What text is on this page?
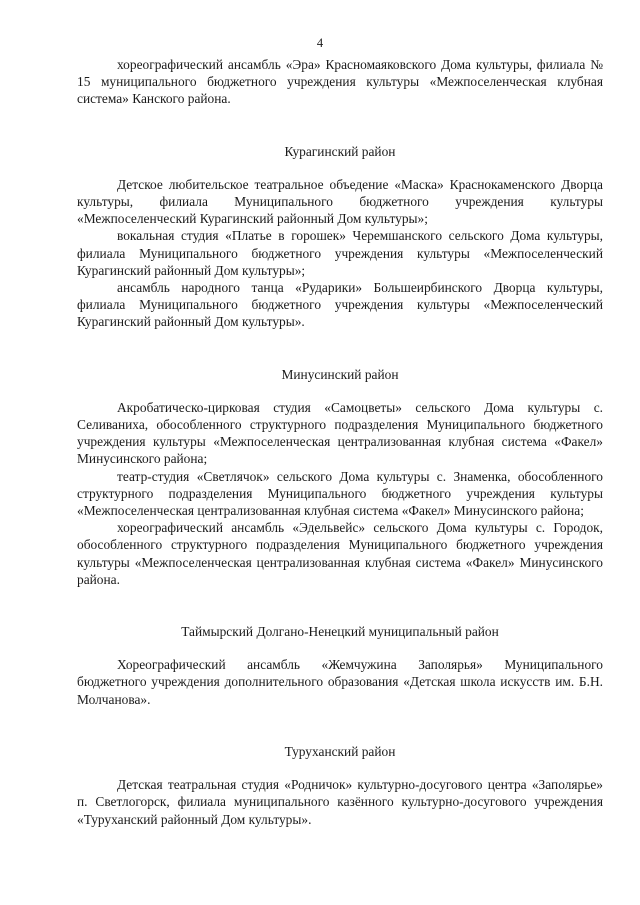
4

хореографический ансамбль «Эра» Красномаяковского Дома культуры, филиала № 15 муниципального бюджетного учреждения культуры «Межпоселенческая клубная система» Канского района.

Курагинский район

Детское любительское театральное объедение «Маска» Краснокаменского Дворца культуры, филиала Муниципального бюджетного учреждения культуры «Межпоселенческий Курагинский районный Дом культуры»;

вокальная студия «Платье в горошек» Черемшанского сельского Дома культуры, филиала Муниципального бюджетного учреждения культуры «Межпоселенческий Курагинский районный Дом культуры»;

ансамбль народного танца «Рударики» Большеирбинского Дворца культуры, филиала Муниципального бюджетного учреждения культуры «Межпоселенческий Курагинский районный Дом культуры».

Минусинский район

Акробатическо-цирковая студия «Самоцветы» сельского Дома культуры с. Селиваниха, обособленного структурного подразделения Муниципального бюджетного учреждения культуры «Межпоселенческая централизованная клубная система «Факел» Минусинского района;

театр-студия «Светлячок» сельского Дома культуры с. Знаменка, обособленного структурного подразделения Муниципального бюджетного учреждения культуры «Межпоселенческая централизованная клубная система «Факел» Минусинского района;

хореографический ансамбль «Эдельвейс» сельского Дома культуры с. Городок, обособленного структурного подразделения Муниципального бюджетного учреждения культуры «Межпоселенческая централизованная клубная система «Факел» Минусинского района.

Таймырский Долгано-Ненецкий муниципальный район

Хореографический ансамбль «Жемчужина Заполярья» Муниципального бюджетного учреждения дополнительного образования «Детская школа искусств им. Б.Н. Молчанова».

Туруханский район

Детская театральная студия «Родничок» культурно-досугового центра «Заполярье» п. Светлогорск, филиала муниципального казённого культурно-досугового учреждения «Туруханский районный Дом культуры».
